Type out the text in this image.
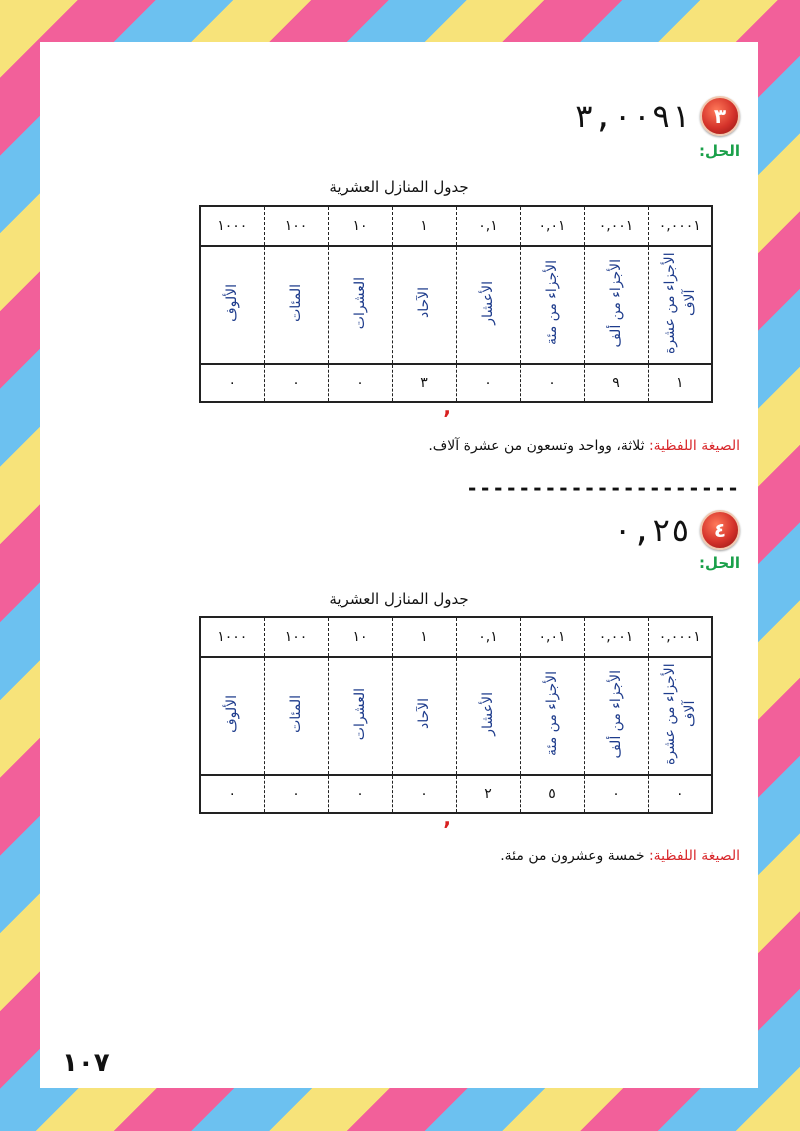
٣
٣,٠٠٩١
الحل:
جدول المنازل العشرية
٠,٠٠٠١	٠,٠٠١	٠,٠١	٠,١	١	١٠	١٠٠	١٠٠٠
الأجزاء من عشرة آلاف	الأجزاء من ألف	الأجزاء من مئة	الأعشار	الآحاد	العشرات	المئات	الألوف
١	٩	٠	٠	٣	٠	٠	٠
,
الصيغة اللفظية: ثلاثة، وواحد وتسعون من عشرة آلاف.
---------------------
٤
٠,٢٥
الحل:
جدول المنازل العشرية
٠,٠٠٠١	٠,٠٠١	٠,٠١	٠,١	١	١٠	١٠٠	١٠٠٠
الأجزاء من عشرة آلاف	الأجزاء من ألف	الأجزاء من مئة	الأعشار	الآحاد	العشرات	المئات	الألوف
٠	٠	٥	٢	٠	٠	٠	٠
,
الصيغة اللفظية: خمسة وعشرون من مئة.
١٠٧
